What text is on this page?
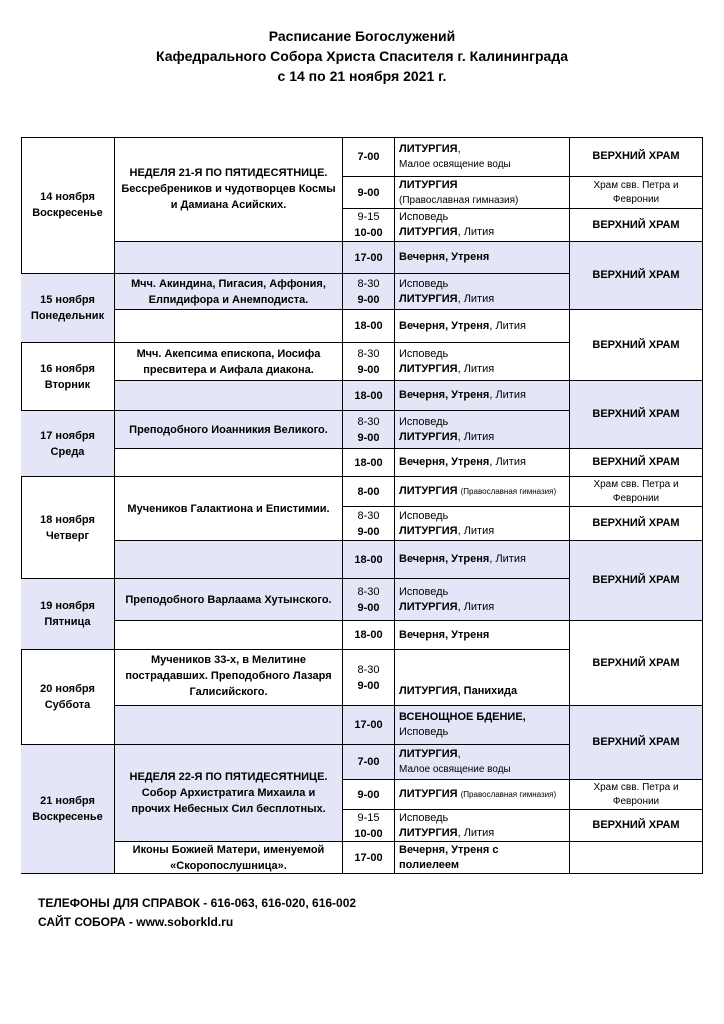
Расписание Богослужений
Кафедрального Собора Христа Спасителя г. Калининграда
с 14 по 21 ноября 2021 г.
14 ноября
Воскресенье
НЕДЕЛЯ 21-Я ПО ПЯТИДЕСЯТНИЦЕ. Бессребреников и чудотворцев Космы и Дамиана Асийских.
7-00
ЛИТУРГИЯ,
Малое освящение воды
ВЕРХНИЙ ХРАМ
9-00
ЛИТУРГИЯ
(Православная гимназия)
Храм свв. Петра и Февронии
9-15
10-00
Исповедь
ЛИТУРГИЯ, Лития
ВЕРХНИЙ ХРАМ
17-00 Вечерня, Утреня
ВЕРХНИЙ ХРАМ
15 ноября
Понедельник
Мчч. Акиндина, Пигасия, Аффония, Елпидифора и Анемподиста.
8-30
9-00
Исповедь
ЛИТУРГИЯ, Лития
18-00 Вечерня, Утреня, Лития
ВЕРХНИЙ ХРАМ
16 ноября
Вторник
Мчч. Акепсима епископа, Иосифа пресвитера и Аифала диакона.
8-30
9-00
Исповедь
ЛИТУРГИЯ, Лития
18-00 Вечерня, Утреня, Лития
ВЕРХНИЙ ХРАМ
17 ноября
Среда
Преподобного Иоанникия Великого.
8-30
9-00
Исповедь
ЛИТУРГИЯ, Лития
18-00 Вечерня, Утреня, Лития	ВЕРХНИЙ ХРАМ
18 ноября
Четверг
Мучеников Галактиона и Епистимии.
8-00 ЛИТУРГИЯ (Православная гимназия)
Храм свв. Петра и Февронии
8-30
9-00
Исповедь
ЛИТУРГИЯ, Лития
ВЕРХНИЙ ХРАМ
18-00 Вечерня, Утреня, Лития
ВЕРХНИЙ ХРАМ
19 ноября
Пятница
Преподобного Варлаама Хутынского.
8-30
9-00
Исповедь
ЛИТУРГИЯ, Лития
18-00 Вечерня, Утреня
ВЕРХНИЙ ХРАМ
20 ноября
Суббота
Мучеников 33-х, в Мелитине пострадавших. Преподобного Лазаря Галисийского.
8-30
9-00 ЛИТУРГИЯ, Панихида
17-00
ВСЕНОЩНОЕ БДЕНИЕ,
Исповедь
ВЕРХНИЙ ХРАМ
21 ноября
Воскресенье
НЕДЕЛЯ 22-Я ПО ПЯТИДЕСЯТНИЦЕ. Собор Архистратига Михаила и прочих Небесных Сил бесплотных.
Иконы Божией Матери, именуемой «Скоропослушница».
7-00
ЛИТУРГИЯ,
Малое освящение воды
9-00 ЛИТУРГИЯ (Православная гимназия)
Храм свв. Петра и Февронии
9-15
10-00
Исповедь
ЛИТУРГИЯ, Лития
ВЕРХНИЙ ХРАМ
17-00
Вечерня, Утреня с
полиелеем
ТЕЛЕФОНЫ ДЛЯ СПРАВОК - 616-063, 616-020, 616-002
САЙТ СОБОРА - www.soborkld.ru
